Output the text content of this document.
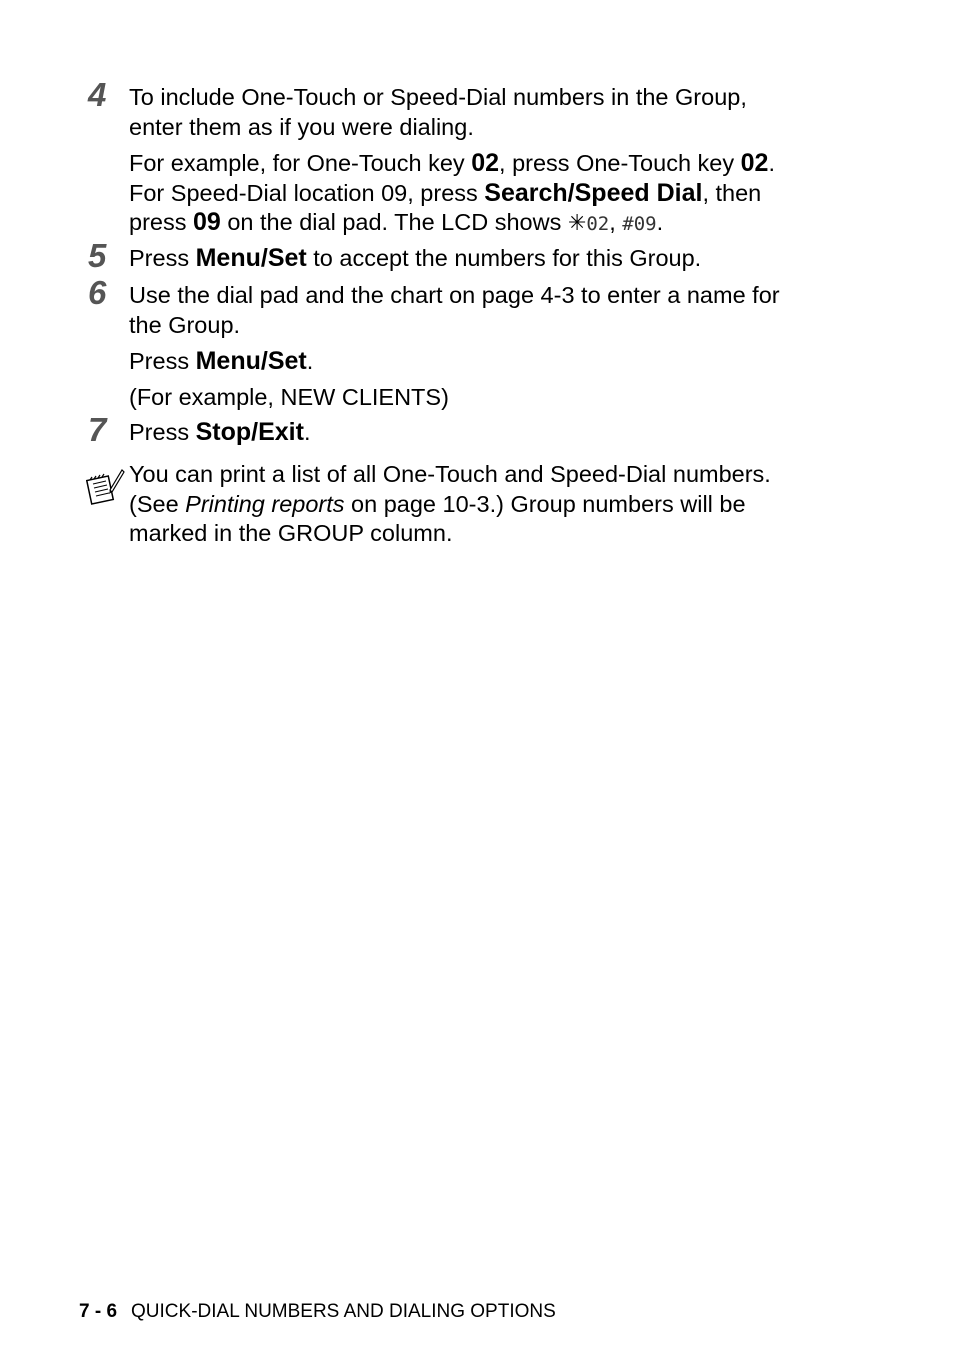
4 To include One-Touch or Speed-Dial numbers in the Group,
enter them as if you were dialing.
For example, for One-Touch key 02, press One-Touch key 02.
For Speed-Dial location 09, press Search/Speed Dial, then
press 09 on the dial pad. The LCD shows ✳02, #09.
5 Press Menu/Set to accept the numbers for this Group.
6 Use the dial pad and the chart on page 4-3 to enter a name for
the Group.
Press Menu/Set.
(For example, NEW CLIENTS)
7 Press Stop/Exit.
You can print a list of all One-Touch and Speed-Dial numbers.
(See Printing reports on page 10-3.) Group numbers will be
marked in the GROUP column.
7 - 6 QUICK-DIAL NUMBERS AND DIALING OPTIONS
